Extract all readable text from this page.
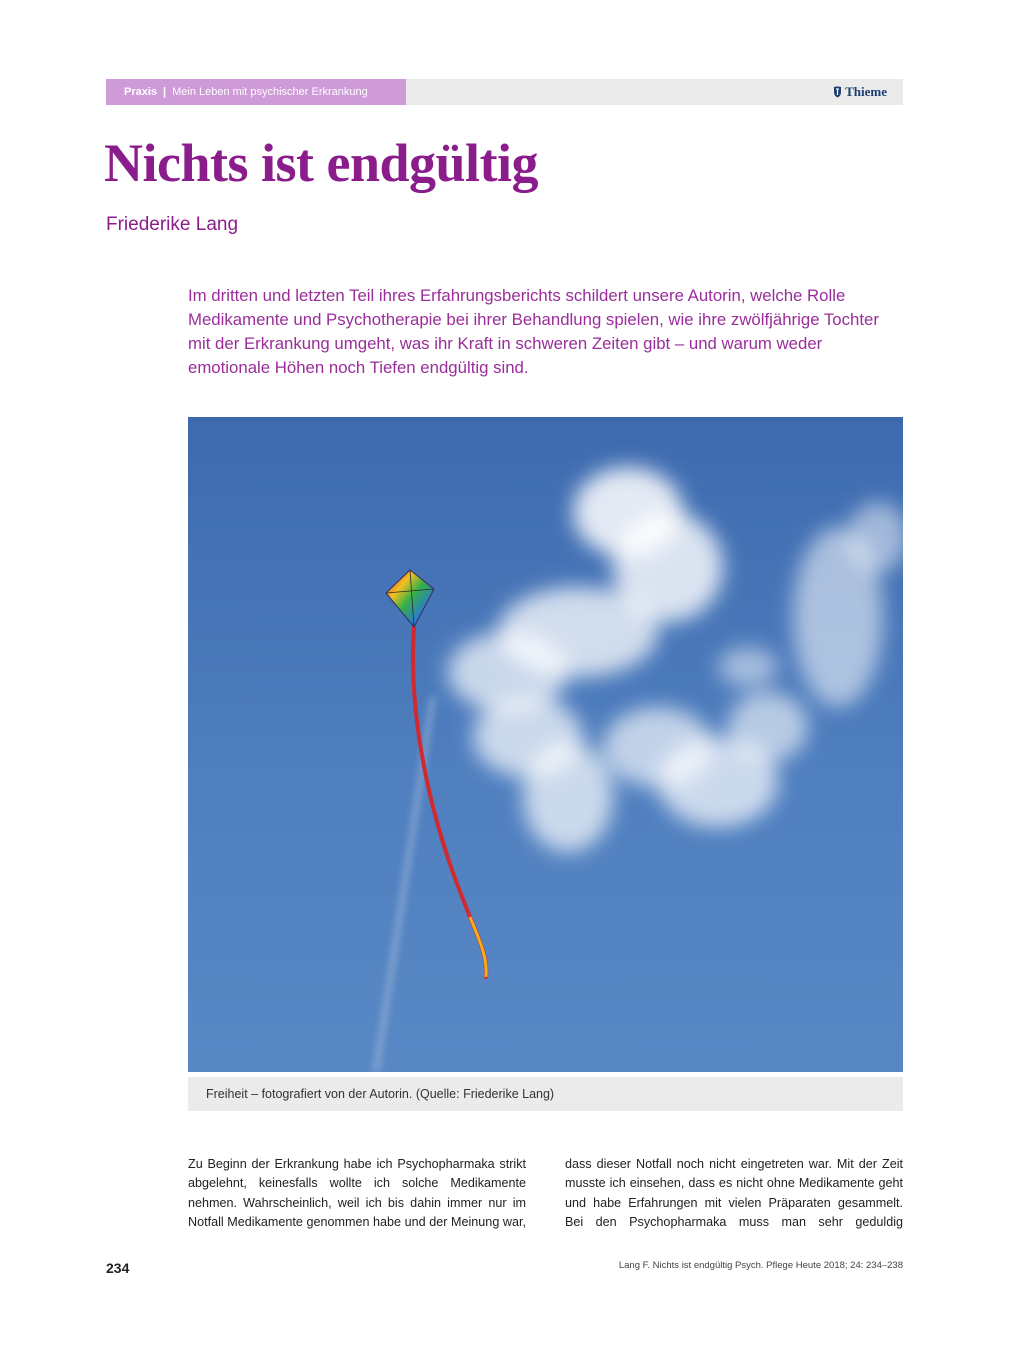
Praxis | Mein Leben mit psychischer Erkrankung	Thieme
Nichts ist endgültig
Friederike Lang

Im dritten und letzten Teil ihres Erfahrungsberichts schildert unsere Autorin, welche Rolle Medikamente und Psychotherapie bei ihrer Behandlung spielen, wie ihre zwölfjährige Tochter mit der Erkrankung umgeht, was ihr Kraft in schweren Zeiten gibt – und warum weder emotionale Höhen noch Tiefen endgültig sind.

Freiheit – fotografiert von der Autorin. (Quelle: Friederike Lang)

Zu Beginn der Erkrankung habe ich Psychopharmaka strikt abgelehnt, keinesfalls wollte ich solche Medikamente nehmen. Wahrscheinlich, weil ich bis dahin immer nur im Notfall Medikamente genommen habe und der Meinung war,

dass dieser Notfall noch nicht eingetreten war. Mit der Zeit musste ich einsehen, dass es nicht ohne Medikamente geht und habe Erfahrungen mit vielen Präparaten gesammelt. Bei den Psychopharmaka muss man sehr geduldig

234	Lang F. Nichts ist endgültig Psych. Pflege Heute 2018; 24: 234–238
